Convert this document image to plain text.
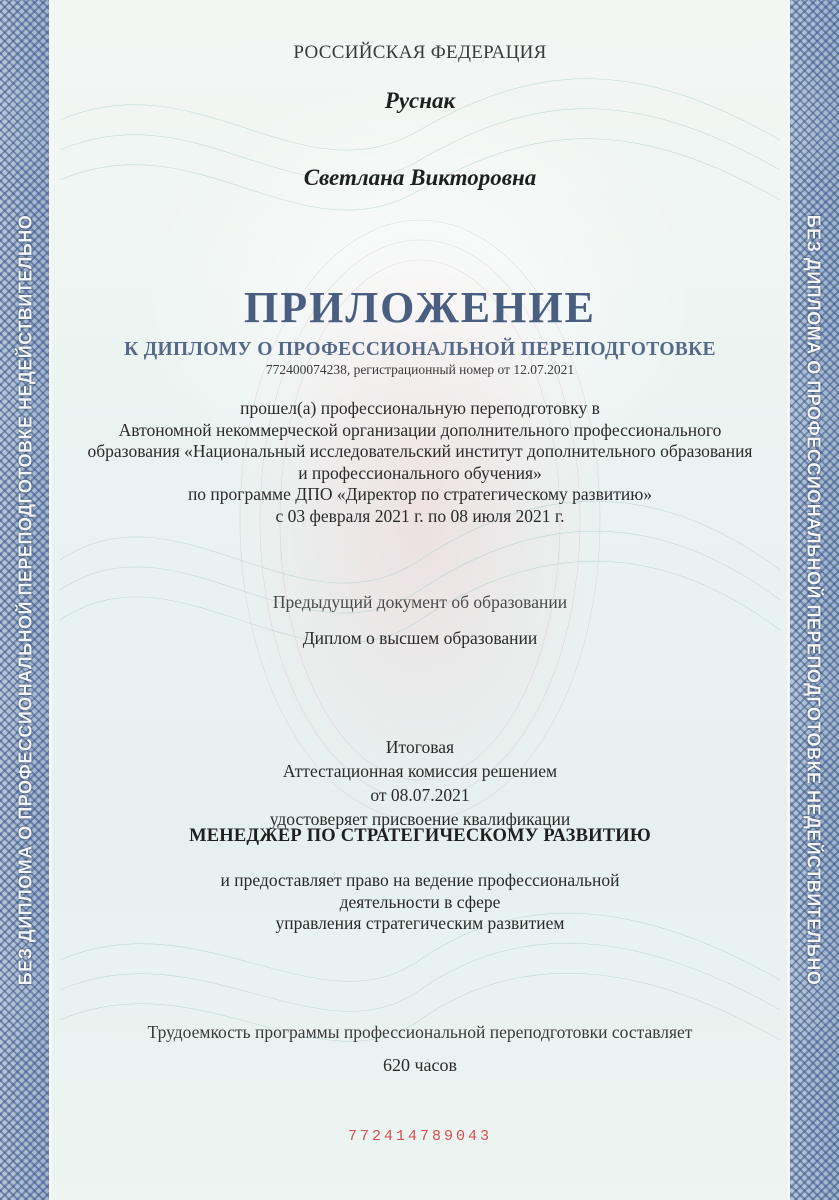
БЕЗ ДИПЛОМА О ПРОФЕССИОНАЛЬНОЙ ПЕРЕПОДГОТОВКЕ НЕДЕЙСТВИТЕЛЬНО	БЕЗ ДИПЛОМА О ПРОФЕССИОНАЛЬНОЙ ПЕРЕПОДГОТОВКЕ НЕДЕЙСТВИТЕЛЬНО
РОССИЙСКАЯ ФЕДЕРАЦИЯ
Руснак
Светлана Викторовна
ПРИЛОЖЕНИЕ
К ДИПЛОМУ О ПРОФЕССИОНАЛЬНОЙ ПЕРЕПОДГОТОВКЕ
772400074238, регистрационный номер от 12.07.2021
прошел(а) профессиональную переподготовку в
Автономной некоммерческой организации дополнительного профессионального
образования «Национальный исследовательский институт дополнительного образования
и профессионального обучения»
по программе ДПО «Директор по стратегическому развитию»
с 03 февраля 2021 г. по 08 июля 2021 г.
Предыдущий документ об образовании
Диплом о высшем образовании
Итоговая
Аттестационная комиссия решением
от 08.07.2021
удостоверяет присвоение квалификации
МЕНЕДЖЕР ПО СТРАТЕГИЧЕСКОМУ РАЗВИТИЮ
и предоставляет право на ведение профессиональной
деятельности в сфере
управления стратегическим развитием
Трудоемкость программы профессиональной переподготовки составляет
620 часов
772414789043
